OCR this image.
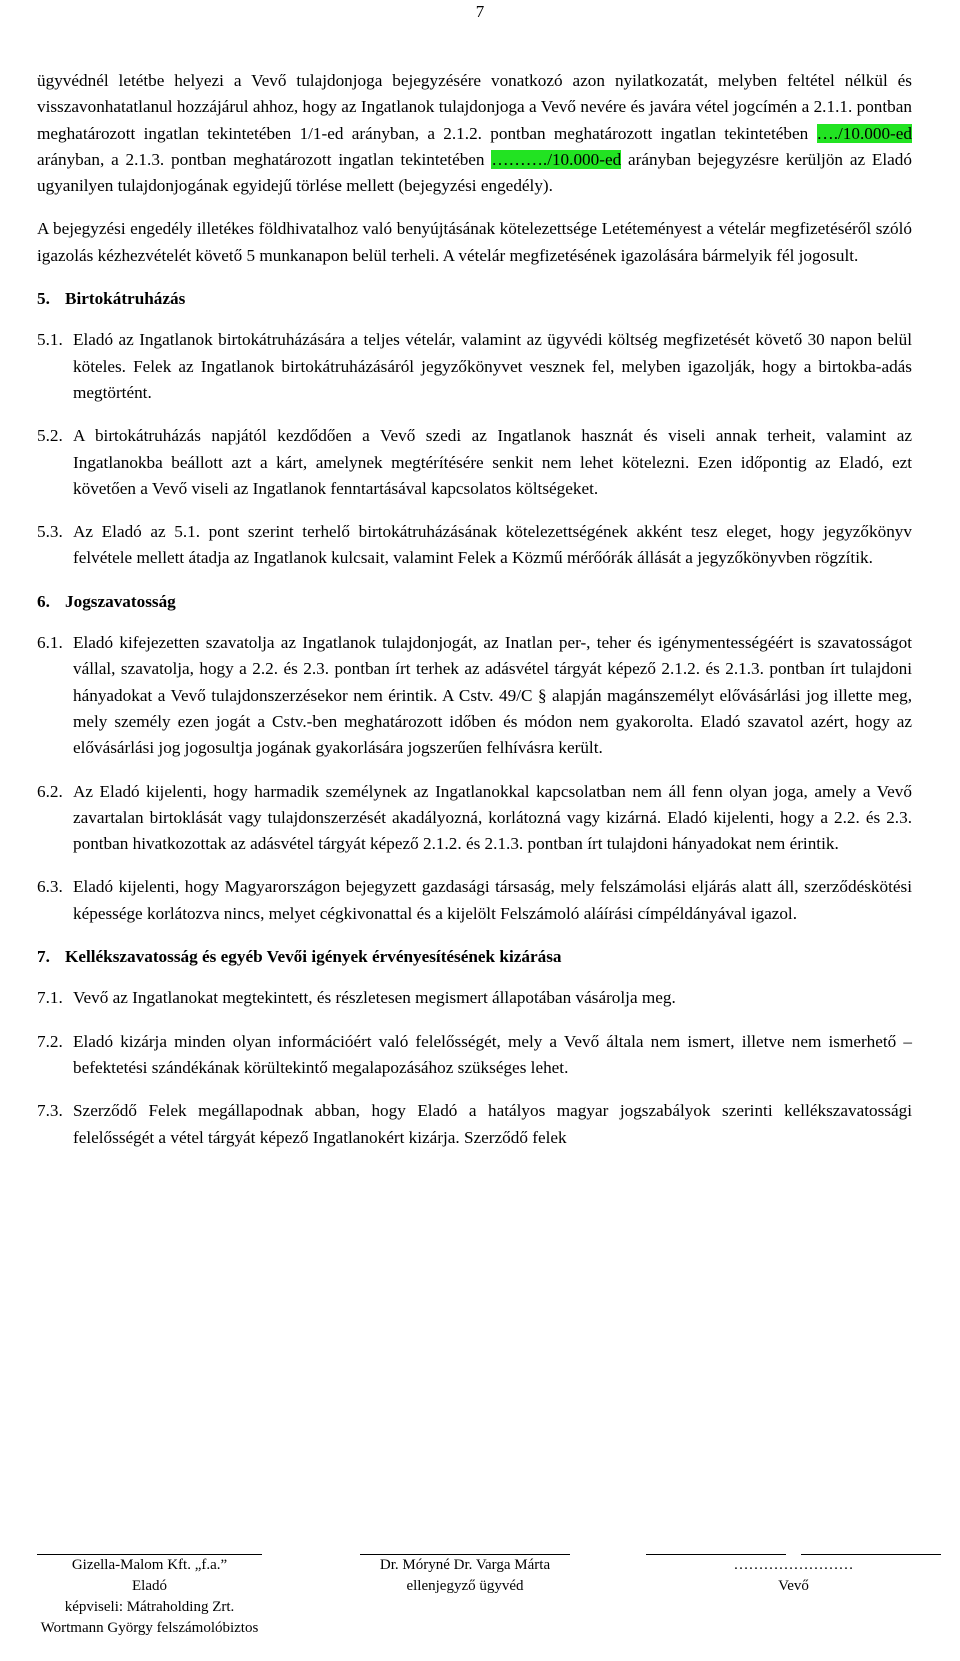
7

ügyvédnél letétbe helyezi a Vevő tulajdonjoga bejegyzésére vonatkozó azon nyilatkozatát, melyben feltétel nélkül és visszavonhatatlanul hozzájárul ahhoz, hogy az Ingatlanok tulajdonjoga a Vevő nevére és javára vétel jogcímén a 2.1.1. pontban meghatározott ingatlan tekintetében 1/1-ed arányban, a 2.1.2. pontban meghatározott ingatlan tekintetében …./10.000-ed arányban, a 2.1.3. pontban meghatározott ingatlan tekintetében ………./10.000-ed arányban bejegyzésre kerüljön az Eladó ugyanilyen tulajdonjogának egyidejű törlése mellett (bejegyzési engedély).

A bejegyzési engedély illetékes földhivatalhoz való benyújtásának kötelezettsége Letéteményest a vételár megfizetéséről szóló igazolás kézhezvételét követő 5 munkanapon belül terheli. A vételár megfizetésének igazolására bármelyik fél jogosult.

5. Birtokátruházás
5.1. Eladó az Ingatlanok birtokátruházására a teljes vételár, valamint az ügyvédi költség megfizetését követő 30 napon belül köteles. Felek az Ingatlanok birtokátruházásáról jegyzőkönyvet vesznek fel, melyben igazolják, hogy a birtokba-adás megtörtént.
5.2. A birtokátruházás napjától kezdődően a Vevő szedi az Ingatlanok hasznát és viseli annak terheit, valamint az Ingatlanokba beállott azt a kárt, amelynek megtérítésére senkit nem lehet kötelezni. Ezen időpontig az Eladó, ezt követően a Vevő viseli az Ingatlanok fenntartásával kapcsolatos költségeket.
5.3. Az Eladó az 5.1. pont szerint terhelő birtokátruházásának kötelezettségének akként tesz eleget, hogy jegyzőkönyv felvétele mellett átadja az Ingatlanok kulcsait, valamint Felek a Közmű mérőórák állását a jegyzőkönyvben rögzítik.
6. Jogszavatosság
6.1. Eladó kifejezetten szavatolja az Ingatlanok tulajdonjogát, az Inatlan per-, teher és igénymentességéért is szavatosságot vállal, szavatolja, hogy a 2.2. és 2.3. pontban írt terhek az adásvétel tárgyát képező 2.1.2. és 2.1.3. pontban írt tulajdoni hányadokat a Vevő tulajdonszerzésekor nem érintik. A Cstv. 49/C § alapján magánszemélyt elővásárlási jog illette meg, mely személy ezen jogát a Cstv.-ben meghatározott időben és módon nem gyakorolta. Eladó szavatol azért, hogy az elővásárlási jog jogosultja jogának gyakorlására jogszerűen felhívásra került.
6.2. Az Eladó kijelenti, hogy harmadik személynek az Ingatlanokkal kapcsolatban nem áll fenn olyan joga, amely a Vevő zavartalan birtoklását vagy tulajdonszerzését akadályozná, korlátozná vagy kizárná. Eladó kijelenti, hogy a 2.2. és 2.3. pontban hivatkozottak az adásvétel tárgyát képező 2.1.2. és 2.1.3. pontban írt tulajdoni hányadokat nem érintik.
6.3. Eladó kijelenti, hogy Magyarországon bejegyzett gazdasági társaság, mely felszámolási eljárás alatt áll, szerződéskötési képessége korlátozva nincs, melyet cégkivonattal és a kijelölt Felszámoló aláírási címpéldányával igazol.
7. Kellékszavatosság és egyéb Vevői igények érvényesítésének kizárása
7.1. Vevő az Ingatlanokat megtekintett, és részletesen megismert állapotában vásárolja meg.
7.2. Eladó kizárja minden olyan információért való felelősségét, mely a Vevő általa nem ismert, illetve nem ismerhető – befektetési szándékának körültekintő megalapozásához szükséges lehet.
7.3. Szerződő Felek megállapodnak abban, hogy Eladó a hatályos magyar jogszabályok szerinti kellékszavatossági felelősségét a vétel tárgyát képező Ingatlanokért kizárja. Szerződő felek
Gizella-Malom Kft. „f.a.”
Eladó
képviseli: Mátraholding Zrt.
Wortmann György felszámolóbiztos
Dr. Móryné Dr. Varga Márta
ellenjegyző ügyvéd
……………………
Vevő
